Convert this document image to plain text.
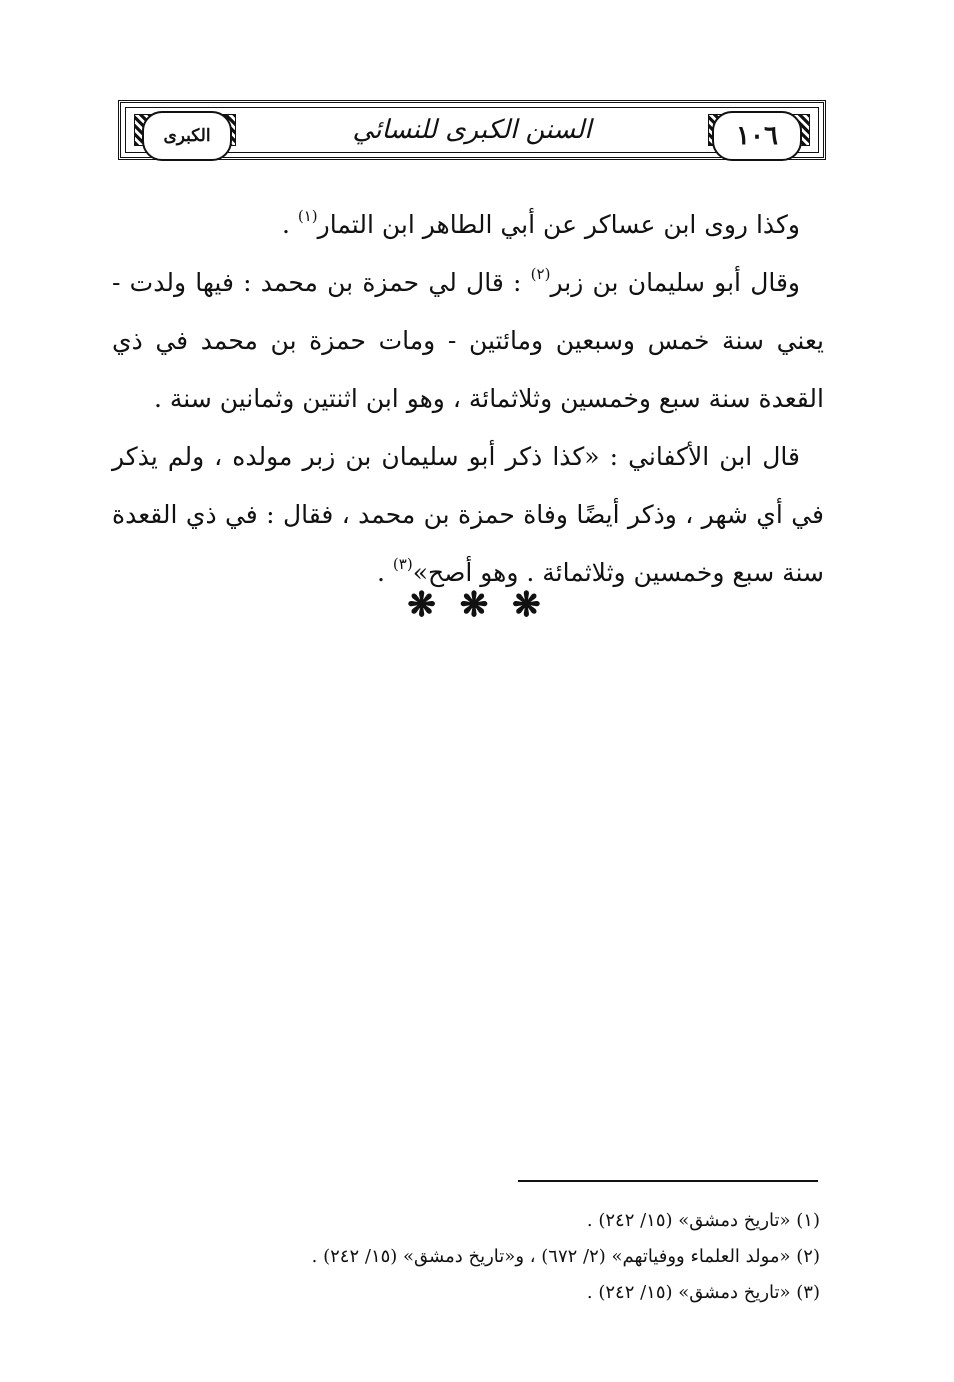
الكبرى	١٠٦
السنن الكبرى للنسائي

وكذا روى ابن عساكر عن أبي الطاهر ابن التمار$^{(١)}$ .

وقال أبو سليمان بن زبر$^{(٢)}$ : قال لي حمزة بن محمد : فيها ولدت - يعني سنة خمس وسبعين ومائتين - ومات حمزة بن محمد في ذي القعدة سنة سبع وخمسين وثلاثمائة ، وهو ابن اثنتين وثمانين سنة .

قال ابن الأكفاني : «كذا ذكر أبو سليمان بن زبر مولده ، ولم يذكر في أي شهر ، وذكر أيضًا وفاة حمزة بن محمد ، فقال : في ذي القعدة سنة سبع وخمسين وثلاثمائة . وهو أصح»$^{(٣)}$ .

❋ ❋ ❋

(١) «تاريخ دمشق» (١٥/ ٢٤٢) .

(٢) «مولد العلماء ووفياتهم» (٢/ ٦٧٢) ، و«تاريخ دمشق» (١٥/ ٢٤٢) .

(٣) «تاريخ دمشق» (١٥/ ٢٤٢) .
